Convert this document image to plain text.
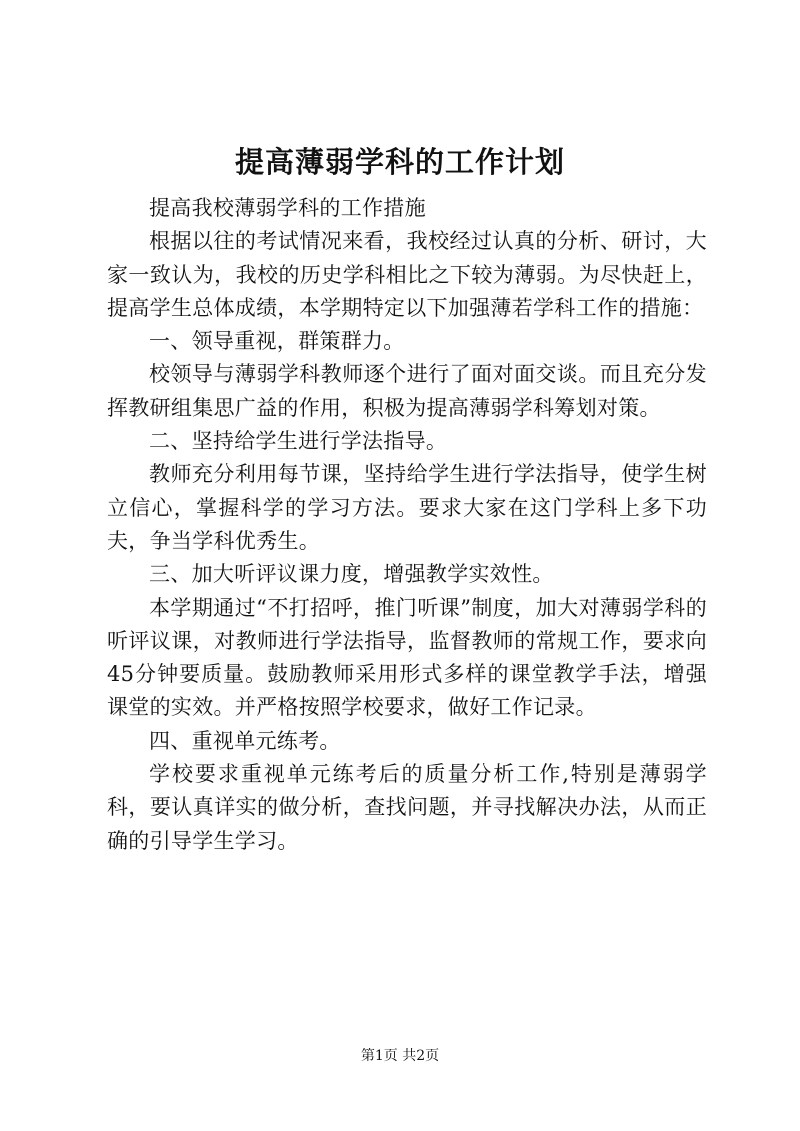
提高薄弱学科的工作计划

提高我校薄弱学科的工作措施

根据以往的考试情况来看，我校经过认真的分析、研讨，大家一致认为，我校的历史学科相比之下较为薄弱。为尽快赶上，提高学生总体成绩，本学期特定以下加强薄若学科工作的措施：

一、领导重视，群策群力。

校领导与薄弱学科教师逐个进行了面对面交谈。而且充分发挥教研组集思广益的作用，积极为提高薄弱学科筹划对策。

二、坚持给学生进行学法指导。

教师充分利用每节课，坚持给学生进行学法指导，使学生树立信心，掌握科学的学习方法。要求大家在这门学科上多下功夫，争当学科优秀生。

三、加大听评议课力度，增强教学实效性。

本学期通过“不打招呼，推门听课”制度，加大对薄弱学科的听评议课，对教师进行学法指导，监督教师的常规工作，要求向45分钟要质量。鼓励教师采用形式多样的课堂教学手法，增强课堂的实效。并严格按照学校要求，做好工作记录。

四、重视单元练考。

学校要求重视单元练考后的质量分析工作,特别是薄弱学科，要认真详实的做分析，查找问题，并寻找解决办法，从而正确的引导学生学习。

第1页 共2页
